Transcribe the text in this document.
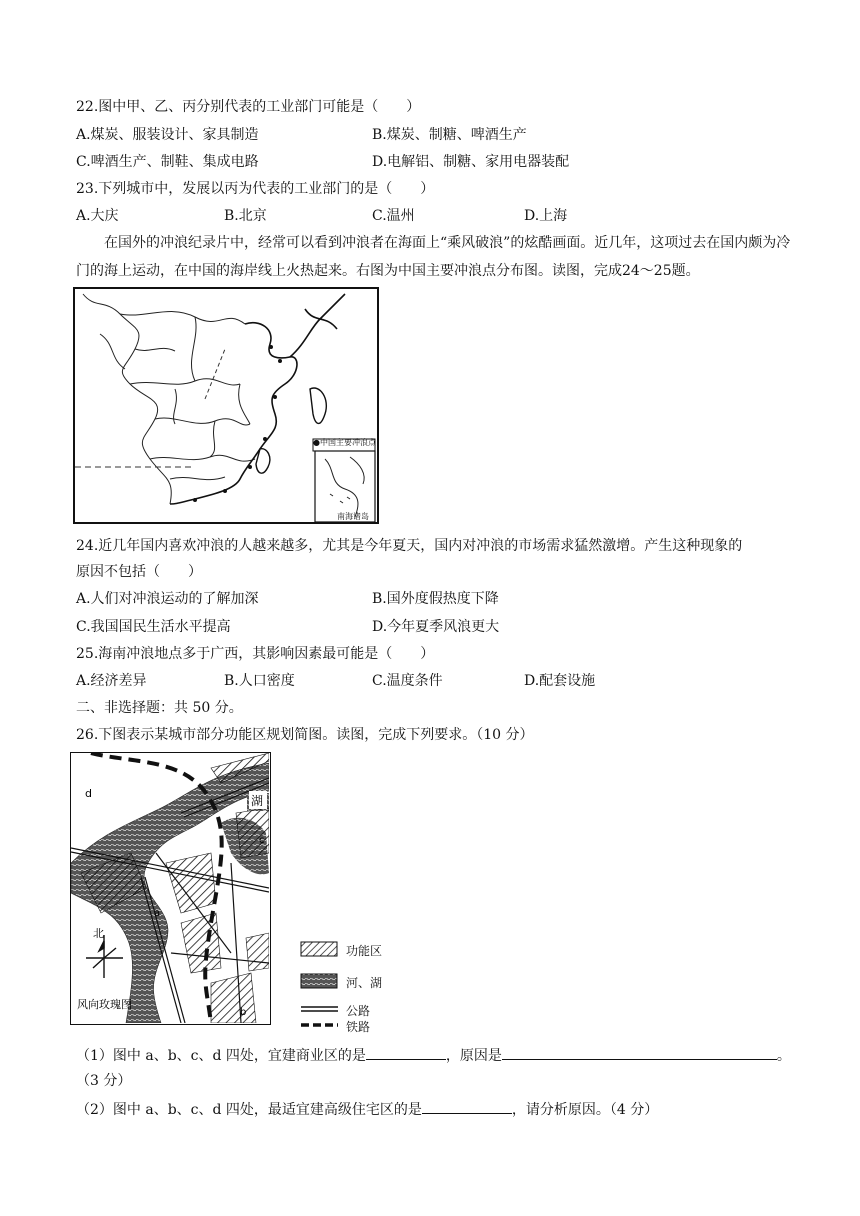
22.图中甲、乙、丙分别代表的工业部门可能是（　　）
A.煤炭、服装设计、家具制造	B.煤炭、制糖、啤酒生产
C.啤酒生产、制鞋、集成电路	D.电解铝、制糖、家用电器装配
23.下列城市中，发展以丙为代表的工业部门的是（　　）
A.大庆	B.北京	C.温州	D.上海
在国外的冲浪纪录片中，经常可以看到冲浪者在海面上“乘风破浪”的炫酷画面。近几年，这项过去在国内颇为冷门的海上运动，在中国的海岸线上火热起来。右图为中国主要冲浪点分布图。读图，完成24～25题。
●中国主要冲浪点
南海诸岛
24.近几年国内喜欢冲浪的人越来越多，尤其是今年夏天，国内对冲浪的市场需求猛然激增。产生这种现象的
原因不包括（　　）
A.人们对冲浪运动的了解加深	B.国外度假热度下降
C.我国国民生活水平提高	D.今年夏季风浪更大
25.海南冲浪地点多于广西，其影响因素最可能是（　　）
A.经济差异	B.人口密度	C.温度条件	D.配套设施
二、非选择题：共 50 分。
26.下图表示某城市部分功能区规划简图。读图，完成下列要求。（10 分）
a
b
c
d
湖
北
风向玫瑰图
功能区
河、湖
公路
铁路
（1）图中 a、b、c、d 四处，宜建商业区的是	，原因是	。
（3 分）
（2）图中 a、b、c、d 四处，最适宜建高级住宅区的是	，请分析原因。（4 分）
